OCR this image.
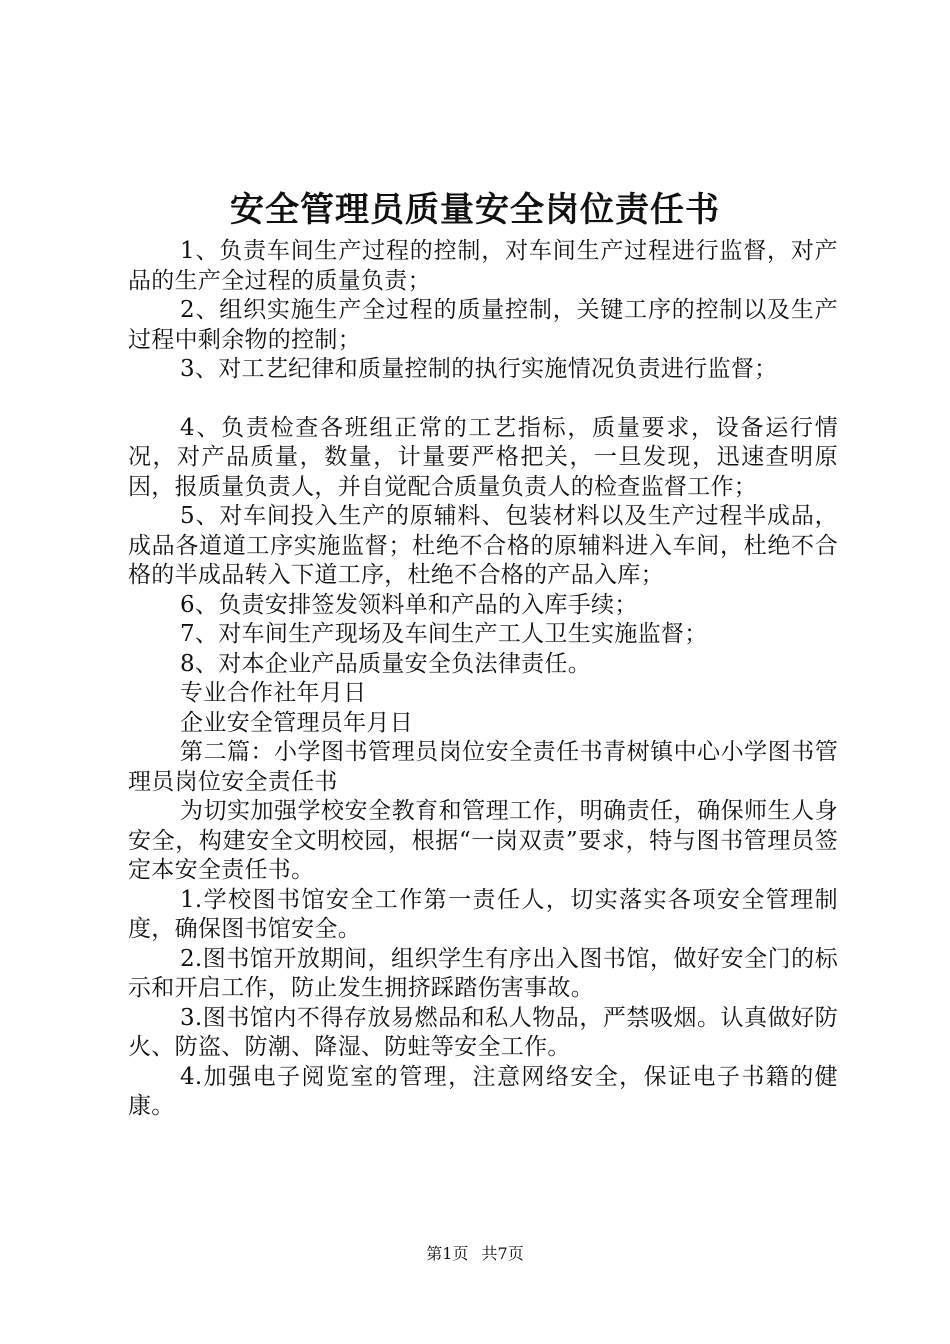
安全管理员质量安全岗位责任书

1、负责车间生产过程的控制，对车间生产过程进行监督，对产品的生产全过程的质量负责；

2、组织实施生产全过程的质量控制，关键工序的控制以及生产过程中剩余物的控制；

3、对工艺纪律和质量控制的执行实施情况负责进行监督；

4、负责检查各班组正常的工艺指标，质量要求，设备运行情况，对产品质量，数量，计量要严格把关，一旦发现，迅速查明原因，报质量负责人，并自觉配合质量负责人的检查监督工作；

5、对车间投入生产的原辅料、包装材料以及生产过程半成品，成品各道道工序实施监督；杜绝不合格的原辅料进入车间，杜绝不合格的半成品转入下道工序，杜绝不合格的产品入库；

6、负责安排签发领料单和产品的入库手续；

7、对车间生产现场及车间生产工人卫生实施监督；

8、对本企业产品质量安全负法律责任。

专业合作社年月日

企业安全管理员年月日

第二篇：小学图书管理员岗位安全责任书青树镇中心小学图书管理员岗位安全责任书

为切实加强学校安全教育和管理工作，明确责任，确保师生人身安全，构建安全文明校园，根据“一岗双责”要求，特与图书管理员签定本安全责任书。

1.学校图书馆安全工作第一责任人，切实落实各项安全管理制度，确保图书馆安全。

2.图书馆开放期间，组织学生有序出入图书馆，做好安全门的标示和开启工作，防止发生拥挤踩踏伤害事故。

3.图书馆内不得存放易燃品和私人物品，严禁吸烟。认真做好防火、防盗、防潮、降湿、防蛀等安全工作。

4.加强电子阅览室的管理，注意网络安全，保证电子书籍的健康。

第1页 共7页
